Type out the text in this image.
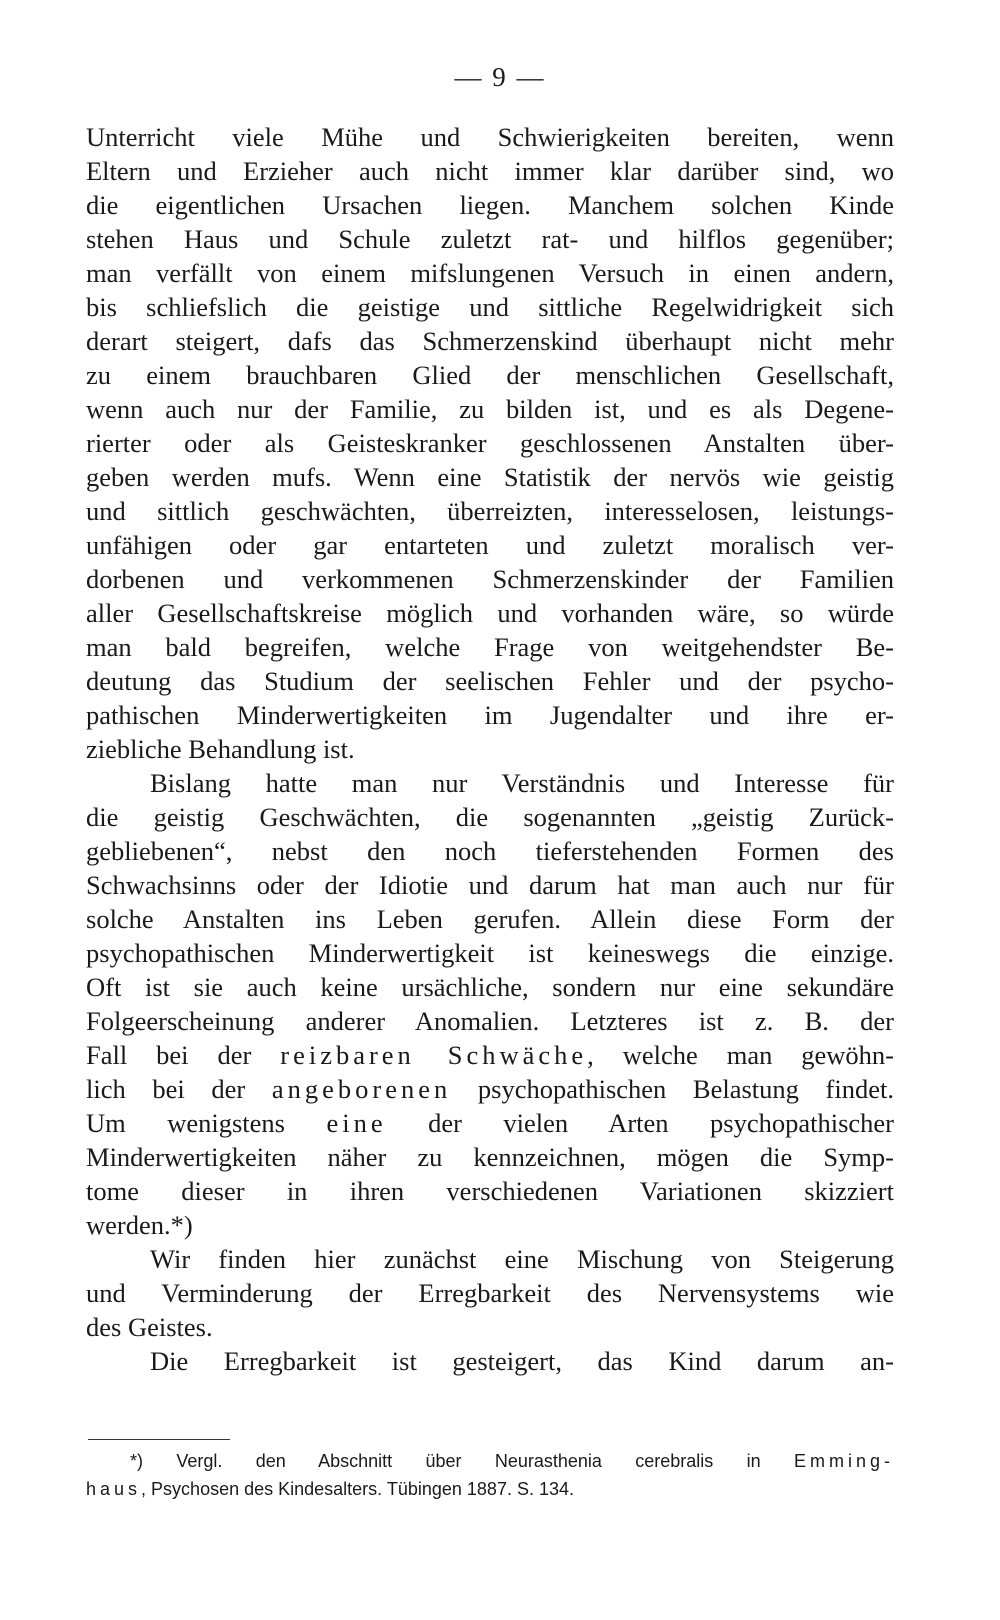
— 9 —
Unterricht viele Mühe und Schwierigkeiten bereiten, wenn
Eltern und Erzieher auch nicht immer klar darüber sind, wo
die eigentlichen Ursachen liegen. Manchem solchen Kinde
stehen Haus und Schule zuletzt rat- und hilflos gegenüber;
man verfällt von einem mifslungenen Versuch in einen andern,
bis schliefslich die geistige und sittliche Regelwidrigkeit sich
derart steigert, dafs das Schmerzenskind überhaupt nicht mehr
zu einem brauchbaren Glied der menschlichen Gesellschaft,
wenn auch nur der Familie, zu bilden ist, und es als Degene-
rierter oder als Geisteskranker geschlossenen Anstalten über-
geben werden mufs. Wenn eine Statistik der nervös wie geistig
und sittlich geschwächten, überreizten, interesselosen, leistungs-
unfähigen oder gar entarteten und zuletzt moralisch ver-
dorbenen und verkommenen Schmerzenskinder der Familien
aller Gesellschaftskreise möglich und vorhanden wäre, so würde
man bald begreifen, welche Frage von weitgehendster Be-
deutung das Studium der seelischen Fehler und der psycho-
pathischen Minderwertigkeiten im Jugendalter und ihre er-
ziebliche Behandlung ist.
Bislang hatte man nur Verständnis und Interesse für
die geistig Geschwächten, die sogenannten „geistig Zurück-
gebliebenen“, nebst den noch tieferstehenden Formen des
Schwachsinns oder der Idiotie und darum hat man auch nur für
solche Anstalten ins Leben gerufen. Allein diese Form der
psychopathischen Minderwertigkeit ist keineswegs die einzige.
Oft ist sie auch keine ursächliche, sondern nur eine sekundäre
Folgeerscheinung anderer Anomalien. Letzteres ist z. B. der
Fall bei der reizbaren Schwäche, welche man gewöhn-
lich bei der angeborenen psychopathischen Belastung findet.
Um wenigstens eine der vielen Arten psychopathischer
Minderwertigkeiten näher zu kennzeichnen, mögen die Symp-
tome dieser in ihren verschiedenen Variationen skizziert
werden.*)
Wir finden hier zunächst eine Mischung von Steigerung
und Verminderung der Erregbarkeit des Nervensystems wie
des Geistes.
Die Erregbarkeit ist gesteigert, das Kind darum an-
*) Vergl. den Abschnitt über Neurasthenia cerebralis in Emming-
haus, Psychosen des Kindesalters. Tübingen 1887. S. 134.
